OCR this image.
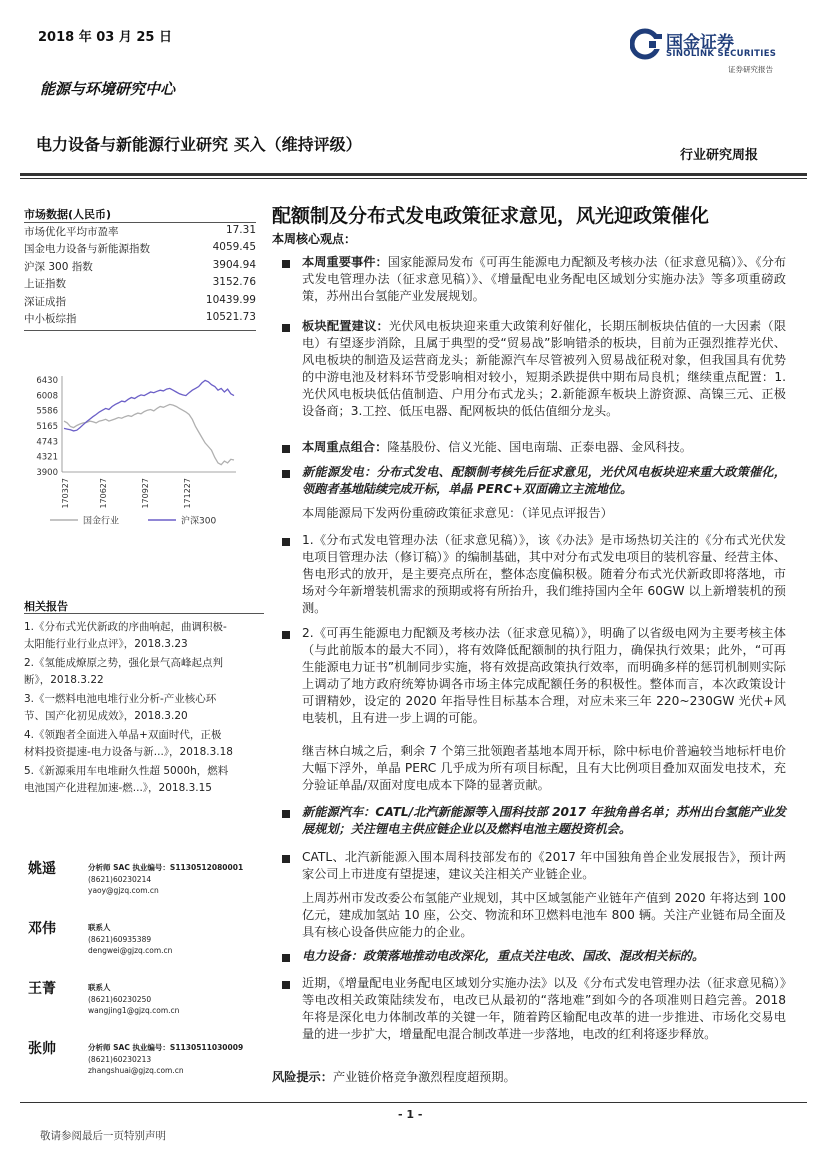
2018 年 03 月 25 日	国金证券
SINOLINK SECURITIES
证券研究报告
能源与环境研究中心
电力设备与新能源行业研究 买入（维持评级）
行业研究周报
市场数据(人民币)
市场优化平均市盈率	17.31
国金电力设备与新能源指数	4059.45
沪深 300 指数	3904.94
上证指数	3152.76
深证成指	10439.99
中小板综指	10521.73
6430
6008
5586
5165
4743
4321
3900
170327	170627	170927	171227
国金行业	沪深300
相关报告
1.《分布式光伏新政的序曲响起，曲调积极-
太阳能行业行业点评》，2018.3.23
2.《氢能成燎原之势，强化景气高峰起点判
断》，2018.3.22
3.《一燃料电池电堆行业分析-产业核心环
节、国产化初见成效》，2018.3.20
4.《领跑者全面进入单晶+双面时代，正极
材料投资提速-电力设备与新...》，2018.3.18
5.《新源乘用车电堆耐久性超 5000h，燃料
电池国产化进程加速-燃...》，2018.3.15
姚遥	分析师 SAC 执业编号：S1130512080001
(8621)60230214
yaoy@gjzq.com.cn
邓伟	联系人
(8621)60935389
dengwei@gjzq.com.cn
王菁	联系人
(8621)60230250
wangjing1@gjzq.com.cn
张帅	分析师 SAC 执业编号：S1130511030009
(8621)60230213
zhangshuai@gjzq.com.cn
配额制及分布式发电政策征求意见，风光迎政策催化
本周核心观点：
本周重要事件：国家能源局发布《可再生能源电力配额及考核办法（征求意见稿）》、《分布式发电管理办法（征求意见稿）》、《增量配电业务配电区域划分实施办法》等多项重磅政策，苏州出台氢能产业发展规划。
板块配置建议：光伏风电板块迎来重大政策利好催化，长期压制板块估值的一大因素（限电）有望逐步消除，且属于典型的受“贸易战”影响错杀的板块，目前为正强烈推荐光伏、风电板块的制造及运营商龙头；新能源汽车尽管被列入贸易战征税对象，但我国具有优势的中游电池及材料环节受影响相对较小，短期杀跌提供中期布局良机；继续重点配置：1.光伏风电板块低估值制造、户用分布式龙头；2.新能源车板块上游资源、高镍三元、正极设备商；3.工控、低压电器、配网板块的低估值细分龙头。
本周重点组合：隆基股份、信义光能、国电南瑞、正泰电器、金风科技。
新能源发电：分布式发电、配额制考核先后征求意见，光伏风电板块迎来重大政策催化，领跑者基地陆续完成开标，单晶 PERC+双面确立主流地位。
本周能源局下发两份重磅政策征求意见：（详见点评报告）
1.《分布式发电管理办法（征求意见稿）》，该《办法》是市场热切关注的《分布式光伏发电项目管理办法（修订稿）》的编制基础，其中对分布式发电项目的装机容量、经营主体、售电形式的放开，是主要亮点所在，整体态度偏积极。随着分布式光伏新政即将落地，市场对今年新增装机需求的预期或将有所抬升，我们维持国内全年 60GW 以上新增装机的预测。
2.《可再生能源电力配额及考核办法（征求意见稿）》，明确了以省级电网为主要考核主体（与此前版本的最大不同），将有效降低配额制的执行阻力，确保执行效果；此外，“可再生能源电力证书”机制同步实施，将有效提高政策执行效率，而明确多样的惩罚机制则实际上调动了地方政府统筹协调各市场主体完成配额任务的积极性。整体而言，本次政策设计可谓精妙，设定的 2020 年指导性目标基本合理，对应未来三年 220~230GW 光伏+风电装机，且有进一步上调的可能。
继吉林白城之后，剩余 7 个第三批领跑者基地本周开标，除中标电价普遍较当地标杆电价大幅下浮外，单晶 PERC 几乎成为所有项目标配，且有大比例项目叠加双面发电技术，充分验证单晶/双面对度电成本下降的显著贡献。
新能源汽车：CATL/北汽新能源等入围科技部 2017 年独角兽名单；苏州出台氢能产业发展规划；关注锂电主供应链企业以及燃料电池主题投资机会。
CATL、北汽新能源入围本周科技部发布的《2017 年中国独角兽企业发展报告》，预计两家公司上市进度有望提速，建议关注相关产业链企业。
上周苏州市发改委公布氢能产业规划，其中区域氢能产业链年产值到 2020 年将达到 100 亿元，建成加氢站 10 座，公交、物流和环卫燃料电池车 800 辆。关注产业链布局全面及具有核心设备供应能力的企业。
电力设备：政策落地推动电改深化，重点关注电改、国改、混改相关标的。
近期，《增量配电业务配电区域划分实施办法》以及《分布式发电管理办法（征求意见稿）》等电改相关政策陆续发布，电改已从最初的“落地难”到如今的各项准则日趋完善。2018 年将是深化电力体制改革的关键一年，随着跨区输配电改革的进一步推进、市场化交易电量的进一步扩大，增量配电混合制改革进一步落地，电改的红利将逐步释放。
风险提示：产业链价格竞争激烈程度超预期。
- 1 -
敬请参阅最后一页特别声明
